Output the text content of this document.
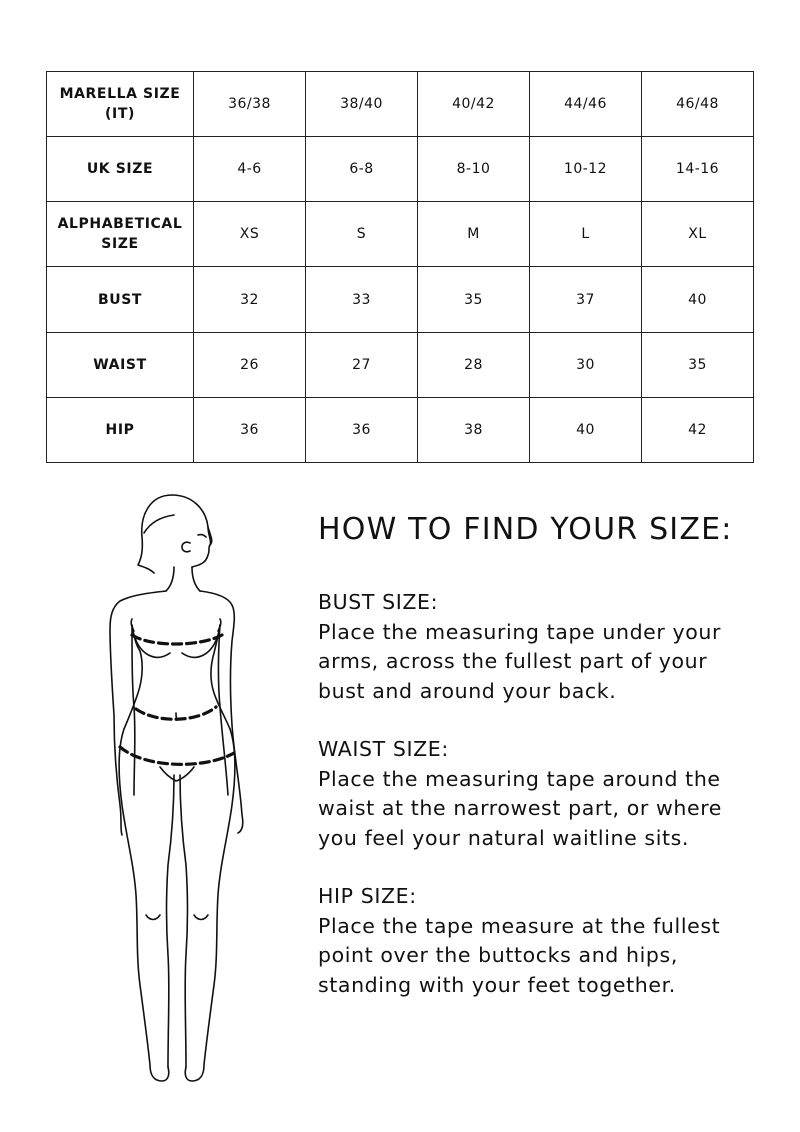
MARELLA SIZE
(IT)	36/38	38/40	40/42	44/46	46/48

UK SIZE	4-6	6-8	8-10	10-12	14-16

ALPHABETICAL
SIZE	XS	S	M	L	XL

BUST	32	33	35	37	40

WAIST	26	27	28	30	35

HIP	36	36	38	40	42
HOW TO FIND YOUR SIZE:
BUST SIZE:
Place the measuring tape under your
arms, across the fullest part of your
bust and around your back.
WAIST SIZE:
Place the measuring tape around the
waist at the narrowest part, or where
you feel your natural waitline sits.
HIP SIZE:
Place the tape measure at the fullest
point over the buttocks and hips,
standing with your feet together.
